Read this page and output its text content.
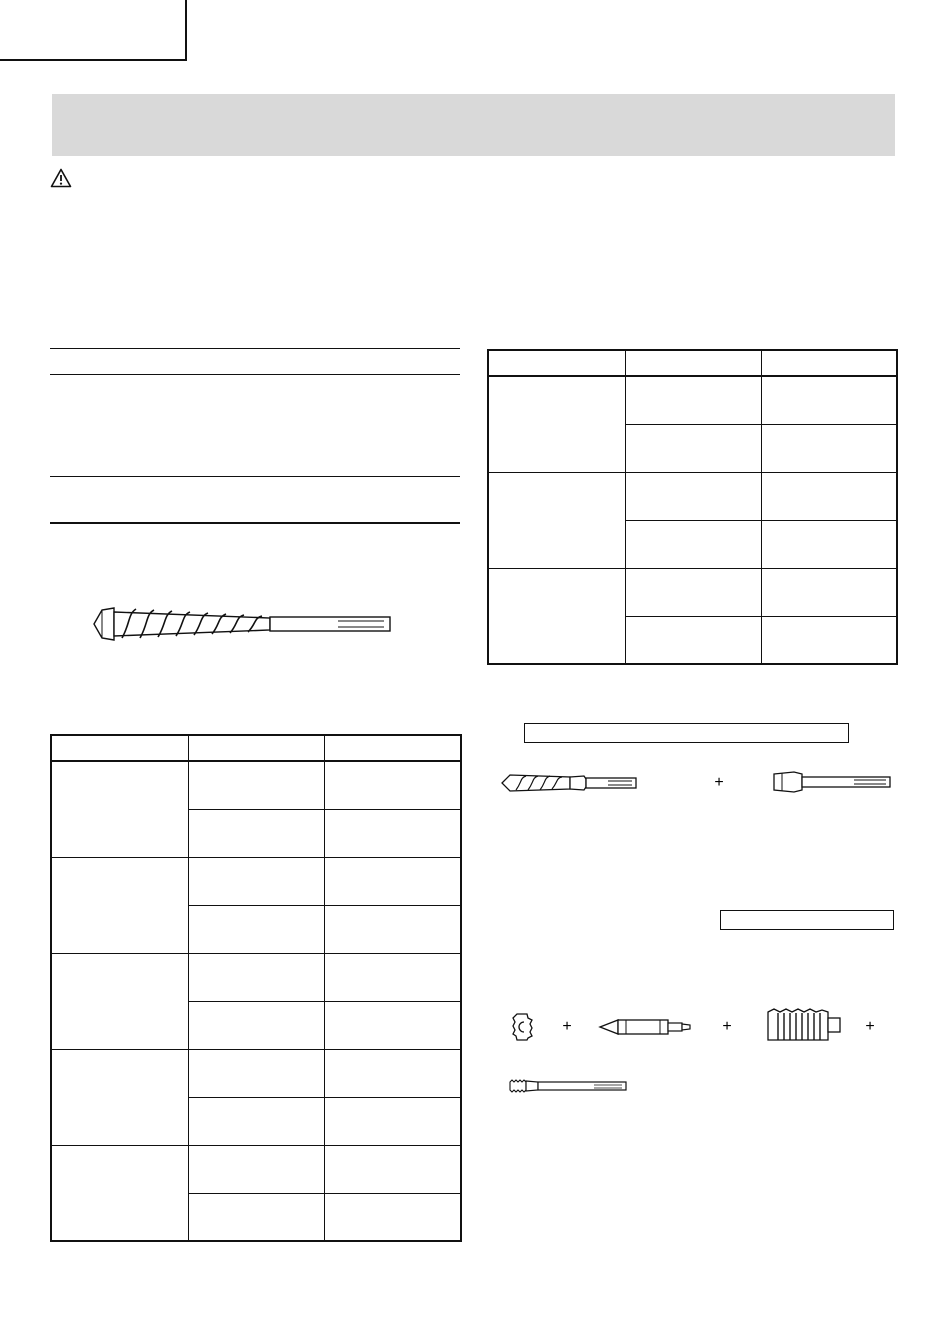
+
+	+	+
